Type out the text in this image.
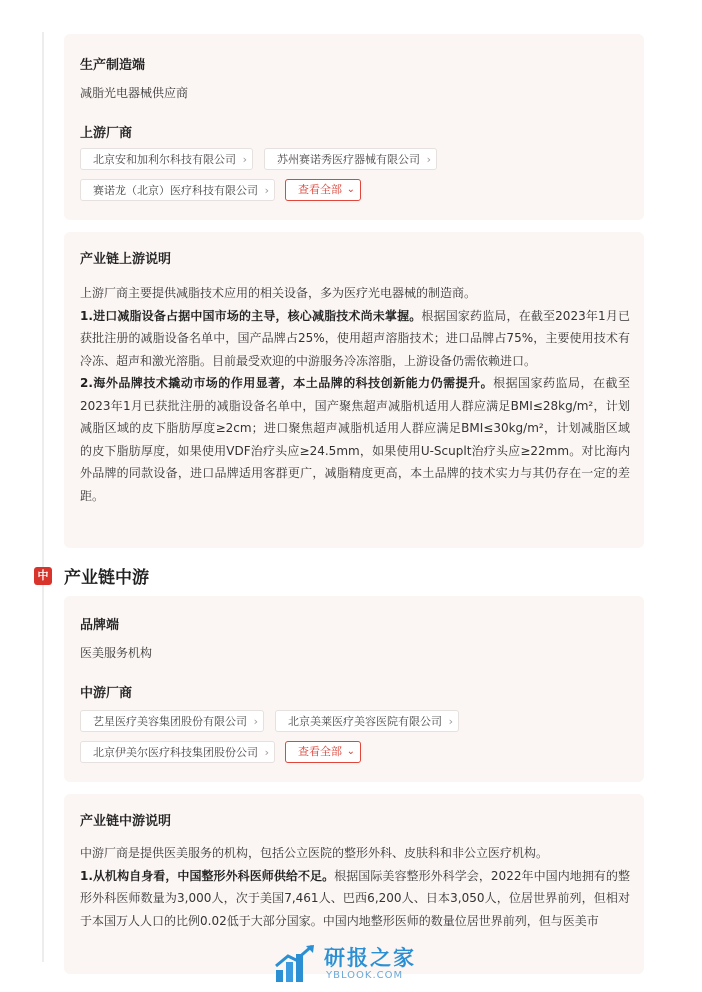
生产制造端
减脂光电器械供应商
上游厂商
北京安和加利尔科技有限公司 ›	苏州赛诺秀医疗器械有限公司 ›
赛诺龙（北京）医疗科技有限公司 ›	查看全部 ⌄
产业链上游说明

上游厂商主要提供减脂技术应用的相关设备，多为医疗光电器械的制造商。

1.进口减脂设备占据中国市场的主导，核心减脂技术尚未掌握。根据国家药监局，在截至2023年1月已获批注册的减脂设备名单中，国产品牌占25%，使用超声溶脂技术；进口品牌占75%，主要使用技术有冷冻、超声和激光溶脂。目前最受欢迎的中游服务冷冻溶脂，上游设备仍需依赖进口。

2.海外品牌技术撬动市场的作用显著，本土品牌的科技创新能力仍需提升。根据国家药监局，在截至2023年1月已获批注册的减脂设备名单中，国产聚焦超声减脂机适用人群应满足BMI≤28kg/m²，计划减脂区域的皮下脂肪厚度≥2cm；进口聚焦超声减脂机适用人群应满足BMI≤30kg/m²，计划减脂区域的皮下脂肪厚度，如果使用VDF治疗头应≥24.5mm，如果使用U-Scuplt治疗头应≥22mm。对比海内外品牌的同款设备，进口品牌适用客群更广，减脂精度更高，本土品牌的技术实力与其仍存在一定的差距。

中 产业链中游
品牌端
医美服务机构
中游厂商
艺星医疗美容集团股份有限公司 ›	北京美莱医疗美容医院有限公司 ›
北京伊美尔医疗科技集团股份公司 ›	查看全部 ⌄
产业链中游说明

中游厂商是提供医美服务的机构，包括公立医院的整形外科、皮肤科和非公立医疗机构。

1.从机构自身看，中国整形外科医师供给不足。根据国际美容整形外科学会，2022年中国内地拥有的整形外科医师数量为3,000人，次于美国7,461人、巴西6,200人、日本3,050人，位居世界前列，但相对于本国万人人口的比例0.02低于大部分国家。中国内地整形医师的数量位居世界前列，但与医美市

研报之家
YBLOOK.COM
